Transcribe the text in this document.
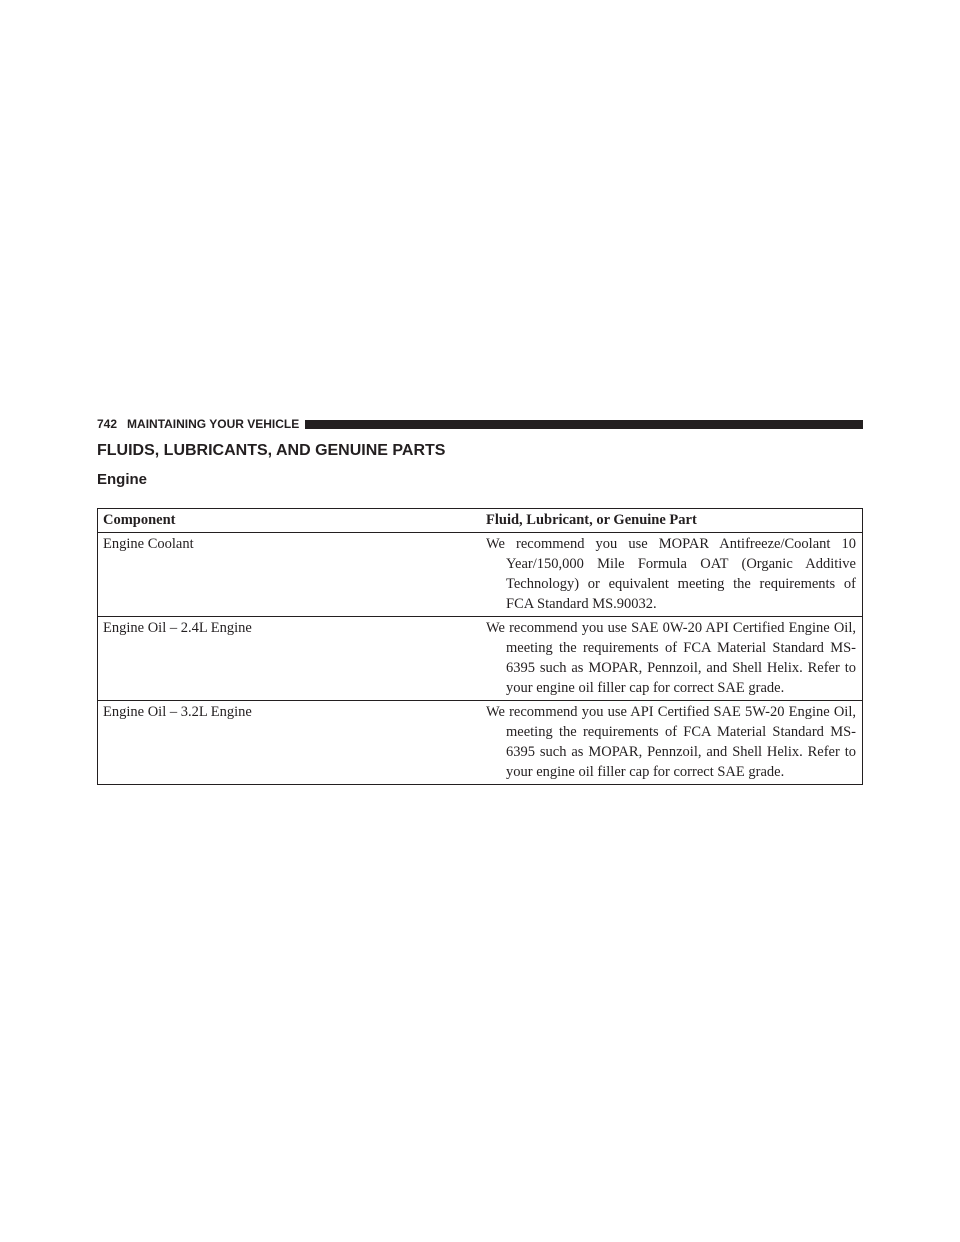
742 MAINTAINING YOUR VEHICLE
FLUIDS, LUBRICANTS, AND GENUINE PARTS
Engine
Component	Fluid, Lubricant, or Genuine Part
Engine Coolant	We recommend you use MOPAR Antifreeze/Coolant 10 Year/150,000 Mile Formula OAT (Organic Additive Technology) or equivalent meeting the requirements of FCA Standard MS.90032.

Engine Oil – 2.4L Engine	We recommend you use SAE 0W-20 API Certified Engine Oil, meeting the requirements of FCA Material Standard MS-6395 such as MOPAR, Pennzoil, and Shell Helix. Refer to your engine oil filler cap for correct SAE grade.

Engine Oil – 3.2L Engine	We recommend you use API Certified SAE 5W-20 Engine Oil, meeting the requirements of FCA Material Standard MS-6395 such as MOPAR, Pennzoil, and Shell Helix. Refer to your engine oil filler cap for correct SAE grade.
